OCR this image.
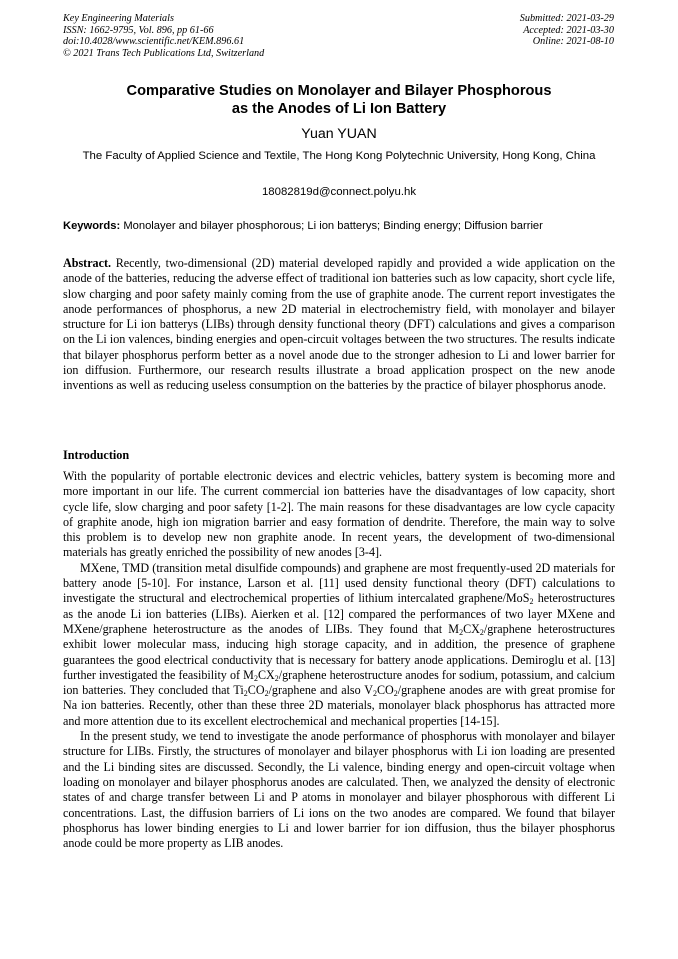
Key Engineering Materials
ISSN: 1662-9795, Vol. 896, pp 61-66
doi:10.4028/www.scientific.net/KEM.896.61
© 2021 Trans Tech Publications Ltd, Switzerland
Submitted: 2021-03-29
Accepted: 2021-03-30
Online: 2021-08-10
Comparative Studies on Monolayer and Bilayer Phosphorous
as the Anodes of Li Ion Battery
Yuan YUAN
The Faculty of Applied Science and Textile, The Hong Kong Polytechnic University, Hong Kong, China
18082819d@connect.polyu.hk
Keywords: Monolayer and bilayer phosphorous; Li ion batterys; Binding energy; Diffusion barrier
Abstract. Recently, two-dimensional (2D) material developed rapidly and provided a wide application on the anode of the batteries, reducing the adverse effect of traditional ion batteries such as low capacity, short cycle life, slow charging and poor safety mainly coming from the use of graphite anode. The current report investigates the anode performances of phosphorus, a new 2D material in electrochemistry field, with monolayer and bilayer structure for Li ion batterys (LIBs) through density functional theory (DFT) calculations and gives a comparison on the Li ion valences, binding energies and open-circuit voltages between the two structures. The results indicate that bilayer phosphorus perform better as a novel anode due to the stronger adhesion to Li and lower barrier for ion diffusion. Furthermore, our research results illustrate a broad application prospect on the new anode inventions as well as reducing useless consumption on the batteries by the practice of bilayer phosphorus anode.
Introduction

With the popularity of portable electronic devices and electric vehicles, battery system is becoming more and more important in our life. The current commercial ion batteries have the disadvantages of low capacity, short cycle life, slow charging and poor safety [1-2]. The main reasons for these disadvantages are low cycle capacity of graphite anode, high ion migration barrier and easy formation of dendrite. Therefore, the main way to solve this problem is to develop new non graphite anode. In recent years, the development of two-dimensional materials has greatly enriched the possibility of new anodes [3-4].

MXene, TMD (transition metal disulfide compounds) and graphene are most frequently-used 2D materials for battery anode [5-10]. For instance, Larson et al. [11] used density functional theory (DFT) calculations to investigate the structural and electrochemical properties of lithium intercalated graphene/MoS$_2$ heterostructures as the anode Li ion batteries (LIBs). Aierken et al. [12] compared the performances of two layer MXene and MXene/graphene heterostructure as the anodes of LIBs. They found that $M_2CX_2$/graphene heterostructures exhibit lower molecular mass, inducing high storage capacity, and in addition, the presence of graphene guarantees the good electrical conductivity that is necessary for battery anode applications. Demiroglu et al. [13] further investigated the feasibility of $M_2CX_2$/graphene heterostructure anodes for sodium, potassium, and calcium ion batteries. They concluded that $Ti_2CO_2$/graphene and also $V_2CO_2$/graphene anodes are with great promise for Na ion batteries. Recently, other than these three 2D materials, monolayer black phosphorus has attracted more and more attention due to its excellent electrochemical and mechanical properties [14-15].

In the present study, we tend to investigate the anode performance of phosphorus with monolayer and bilayer structure for LIBs. Firstly, the structures of monolayer and bilayer phosphorus with Li ion loading are presented and the Li binding sites are discussed. Secondly, the Li valence, binding energy and open-circuit voltage when loading on monolayer and bilayer phosphorus anodes are calculated. Then, we analyzed the density of electronic states of and charge transfer between Li and P atoms in monolayer and bilayer phosphorous with different Li concentrations. Last, the diffusion barriers of Li ions on the two anodes are compared. We found that bilayer phosphorus has lower binding energies to Li and lower barrier for ion diffusion, thus the bilayer phosphorus anode could be more property as LIB anodes.
